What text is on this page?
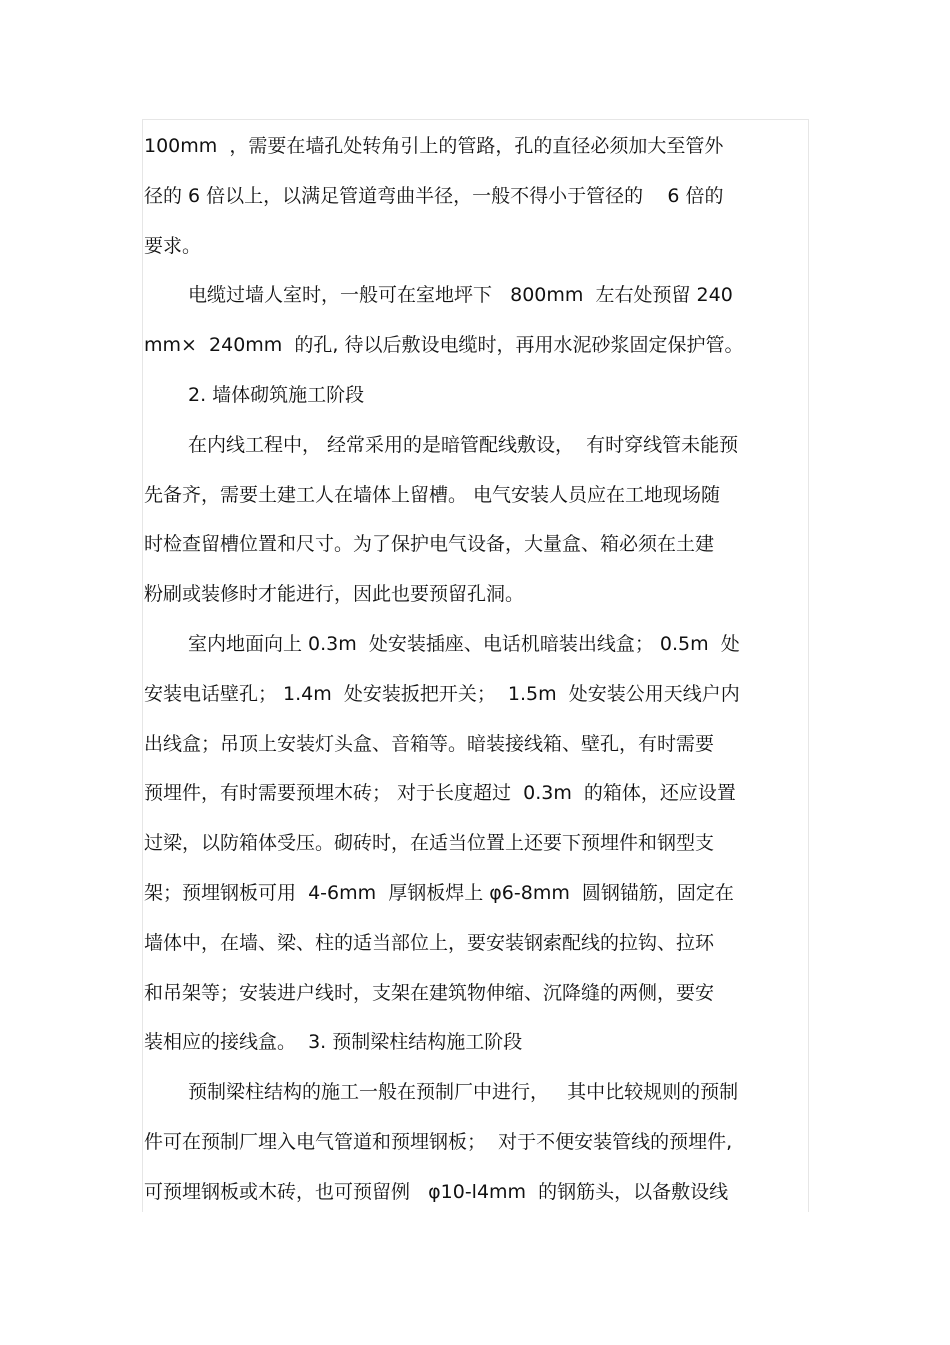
100mm  ，需要在墙孔处转角引上的管路，孔的直径必须加大至管外
径的 6 倍以上，以满足管道弯曲半径，一般不得小于管径的    6 倍的
要求。
电缆过墙人室时，一般可在室地坪下   800mm  左右处预留 240
mm×  240mm  的孔, 待以后敷设电缆时，再用水泥砂浆固定保护管。
2. 墙体砌筑施工阶段
在内线工程中， 经常采用的是暗管配线敷设，  有时穿线管未能预
先备齐，需要土建工人在墙体上留槽。 电气安装人员应在工地现场随
时检查留槽位置和尺寸。为了保护电气设备，大量盒、箱必须在土建
粉刷或装修时才能进行，因此也要预留孔洞。
室内地面向上 0.3m  处安装插座、电话机暗装出线盒； 0.5m  处
安装电话壁孔； 1.4m  处安装扳把开关；  1.5m  处安装公用天线户内
出线盒；吊顶上安装灯头盒、音箱等。暗装接线箱、壁孔，有时需要
预埋件，有时需要预埋木砖； 对于长度超过  0.3m  的箱体，还应设置
过梁，以防箱体受压。砌砖时，在适当位置上还要下预埋件和钢型支
架；预埋钢板可用  4-6mm  厚钢板焊上 φ6-8mm  圆钢锚筋，固定在
墙体中，在墙、梁、柱的适当部位上，要安装钢索配线的拉钩、拉环
和吊架等；安装进户线时，支架在建筑物伸缩、沉降缝的两侧，要安
装相应的接线盒。  3. 预制梁柱结构施工阶段
预制梁柱结构的施工一般在预制厂中进行，   其中比较规则的预制
件可在预制厂埋入电气管道和预埋钢板；  对于不便安装管线的预埋件,
可预埋钢板或木砖，也可预留例   φ10-l4mm  的钢筋头，以备敷设线
